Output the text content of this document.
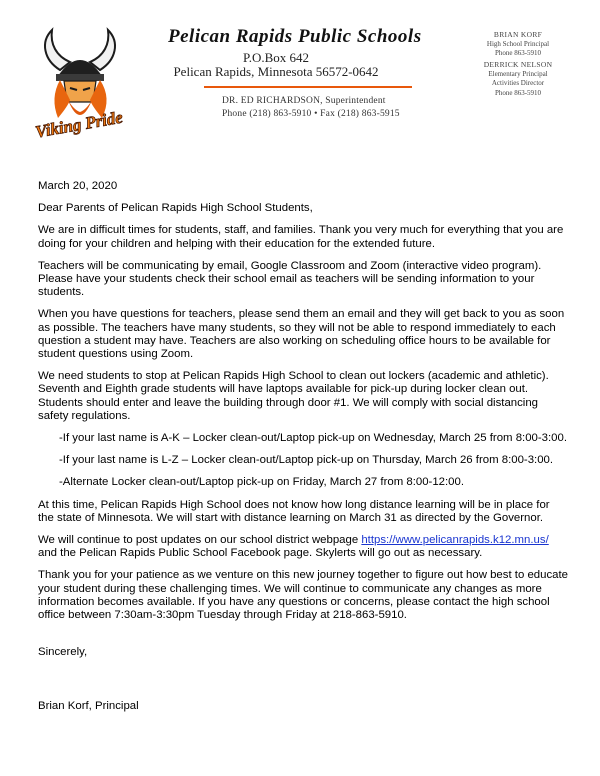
Viking Pride
Pelican Rapids Public Schools
P.O.Box 642
Pelican Rapids, Minnesota 56572-0642
DR. ED RICHARDSON, Superintendent
Phone (218) 863-5910 • Fax (218) 863-5915
BRIAN KORF
High School Principal
Phone 863-5910
DERRICK NELSON
Elementary Principal
Activities Director
Phone 863-5910

March 20, 2020

Dear Parents of Pelican Rapids High School Students,

We are in difficult times for students, staff, and families. Thank you very much for everything that you are doing for your children and helping with their education for the extended future.

Teachers will be communicating by email, Google Classroom and Zoom (interactive video program). Please have your students check their school email as teachers will be sending information to your students.

When you have questions for teachers, please send them an email and they will get back to you as soon as possible. The teachers have many students, so they will not be able to respond immediately to each question a student may have. Teachers are also working on scheduling office hours to be available for student questions using Zoom.

We need students to stop at Pelican Rapids High School to clean out lockers (academic and athletic). Seventh and Eighth grade students will have laptops available for pick-up during locker clean out. Students should enter and leave the building through door #1. We will comply with social distancing safety regulations.

-If your last name is A-K – Locker clean-out/Laptop pick-up on Wednesday, March 25 from 8:00-3:00.

-If your last name is L-Z – Locker clean-out/Laptop pick-up on Thursday, March 26 from 8:00-3:00.

-Alternate Locker clean-out/Laptop pick-up on Friday, March 27 from 8:00-12:00.

At this time, Pelican Rapids High School does not know how long distance learning will be in place for the state of Minnesota. We will start with distance learning on March 31 as directed by the Governor.

We will continue to post updates on our school district webpage https://www.pelicanrapids.k12.mn.us/ and the Pelican Rapids Public School Facebook page. Skylerts will go out as necessary.

Thank you for your patience as we venture on this new journey together to figure out how best to educate your student during these challenging times. We will continue to communicate any changes as more information becomes available. If you have any questions or concerns, please contact the high school office between 7:30am-3:30pm Tuesday through Friday at 218-863-5910.

Sincerely,

Brian Korf, Principal
